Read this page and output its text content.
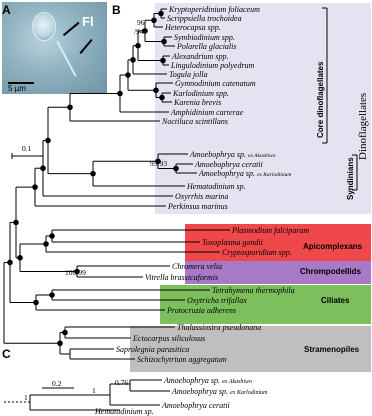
A
Fl
5 µm
B
C
Kryptoperidinium foliaceum
Scrippsiella trochoidea
Heterocapsa spp.
Symbiodinium spp.
Polarella glacialis
Alexandrium spp.
Lingulodinium polyedrum
Togula jolla
Gymnodinium catenatum
Karlodinium spp.
Karenia brevis
Amphidinium carterae
Noctiluca scintillans
Amoebophrya sp. ex Akashiwo
Amoebophrya ceratii
Amoebophrya sp. ex Karlodinium
Hematodinium sp.
Oxyrrhis marina
Perkinsus marinus
Plasmodium falciparum
Toxoplasma gondii
Cryptosporidium spp.
Chromera velia
Vitrella brassicaformis
Tetrahymena thermophila
Oxytricha trifallax
Protocruzia adherens
Thalassiosira pseudonana
Ectocarpus siliculosus
Saprolegnia parasitica
Schizochytrium aggregatum
96
/94
95/93
100/99
Core dinoflagellates	Dinoflagellates
Syndinians
Apicomplexans
Chrompodellids
Ciliates
Stramenopiles
0.1
0.2
1
1
0.76	Amoebophrya sp. ex Akashiwo
Amoebophrya sp. ex Karlodinium
Amoebophrya ceratii
Hematodinium sp.
